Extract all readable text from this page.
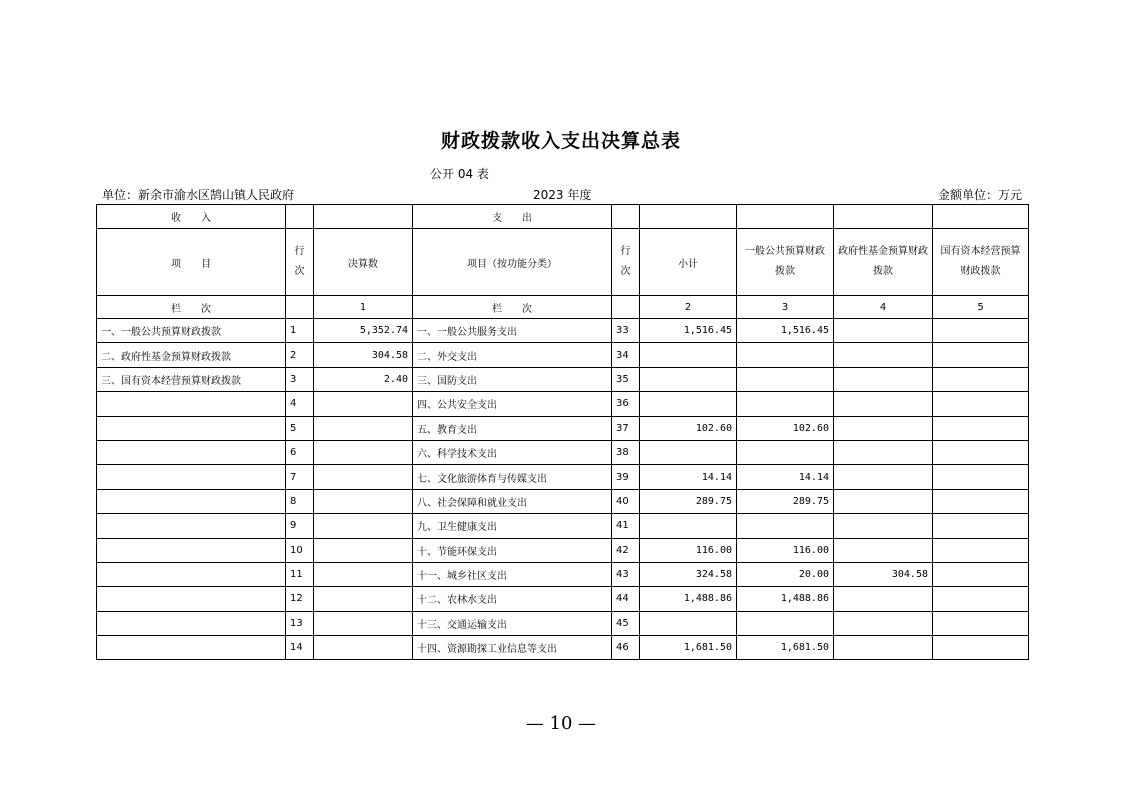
财政拨款收入支出决算总表
公开 04 表
单位：新余市渝水区鹄山镇人民政府	2023 年度	金额单位：万元
收　　入			支　　出					
项　　目	行次	决算数	项目（按功能分类）	行次	小计	一般公共预算财政拨款	政府性基金预算财政拨款	国有资本经营预算财政拨款
栏　　次		1	栏　　次		2	3	4	5
一、一般公共预算财政拨款	1	5,352.74	一、一般公共服务支出	33	1,516.45	1,516.45		
二、政府性基金预算财政拨款	2	304.58	二、外交支出	34				
三、国有资本经营预算财政拨款	3	2.40	三、国防支出	35				
	4		四、公共安全支出	36				
	5		五、教育支出	37	102.60	102.60		
	6		六、科学技术支出	38				
	7		七、文化旅游体育与传媒支出	39	14.14	14.14		
	8		八、社会保障和就业支出	40	289.75	289.75		
	9		九、卫生健康支出	41				
	10		十、节能环保支出	42	116.00	116.00		
	11		十一、城乡社区支出	43	324.58	20.00	304.58	
	12		十二、农林水支出	44	1,488.86	1,488.86		
	13		十三、交通运输支出	45				
	14		十四、资源勘探工业信息等支出	46	1,681.50	1,681.50		
— 10 —
